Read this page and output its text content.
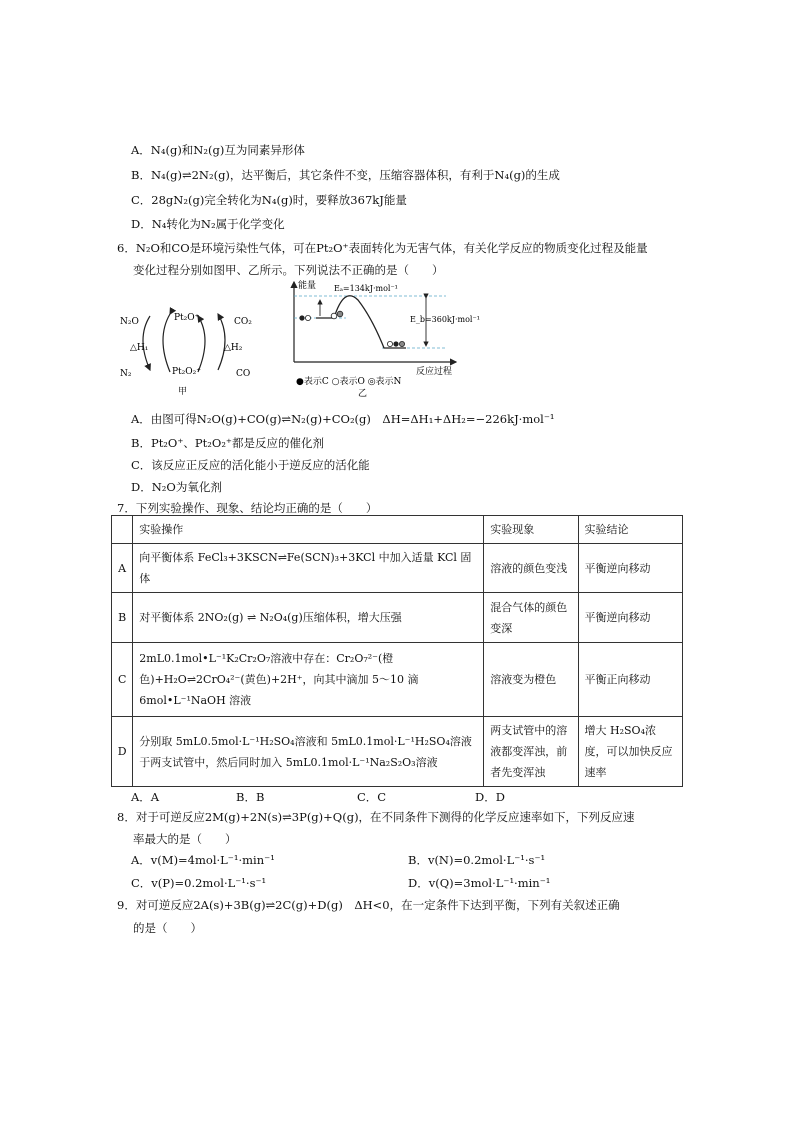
A．N₄(g)和N₂(g)互为同素异形体
B．N₄(g)⇌2N₂(g)，达平衡后，其它条件不变，压缩容器体积，有利于N₄(g)的生成
C．28gN₂(g)完全转化为N₄(g)时，要释放367kJ能量
D．N₄转化为N₂属于化学变化
6．N₂O和CO是环境污染性气体，可在Pt₂O⁺表面转化为无害气体，有关化学反应的物质变化过程及能量
变化过程分别如图甲、乙所示。下列说法不正确的是（　　）
N₂O
N₂
Pt₂O⁺
Pt₂O₂⁺
CO₂
CO
△H₁	△H₂
甲
能量 Eₐ=134kJ·mol⁻¹
E_b=360kJ·mol⁻¹
反应过程
●表示C ○表示O ◎表示N
乙
A．由图可得N₂O(g)+CO(g)⇌N₂(g)+CO₂(g)　ΔH=ΔH₁+ΔH₂=−226kJ·mol⁻¹
B．Pt₂O⁺、Pt₂O₂⁺都是反应的催化剂
C．该反应正反应的活化能小于逆反应的活化能
D．N₂O为氧化剂
7．下列实验操作、现象、结论均正确的是（　　）
	实验操作	实验现象	实验结论
A	向平衡体系 FeCl₃+3KSCN⇌Fe(SCN)₃+3KCl 中加入适量 KCl 固体	溶液的颜色变浅	平衡逆向移动
B	对平衡体系 2NO₂(g) ⇌ N₂O₄(g)压缩体积，增大压强	混合气体的颜色变深	平衡逆向移动
C	2mL0.1mol•L⁻¹K₂Cr₂O₇溶液中存在：Cr₂O₇²⁻(橙色)+H₂O⇌2CrO₄²⁻(黄色)+2H⁺，向其中滴加 5～10 滴 6mol•L⁻¹NaOH 溶液	溶液变为橙色	平衡正向移动
D	分别取 5mL0.5mol·L⁻¹H₂SO₄溶液和 5mL0.1mol·L⁻¹H₂SO₄溶液于两支试管中，然后同时加入 5mL0.1mol·L⁻¹Na₂S₂O₃溶液	两支试管中的溶液都变浑浊，前者先变浑浊	增大 H₂SO₄浓度，可以加快反应速率
A．A	B．B	C．C	D．D
8．对于可逆反应2M(g)+2N(s)⇌3P(g)+Q(g)，在不同条件下测得的化学反应速率如下，下列反应速
率最大的是（　　）
A．v(M)=4mol·L⁻¹·min⁻¹	B．v(N)=0.2mol·L⁻¹·s⁻¹
C．v(P)=0.2mol·L⁻¹·s⁻¹	D．v(Q)=3mol·L⁻¹·min⁻¹
9．对可逆反应2A(s)+3B(g)⇌2C(g)+D(g)　ΔH<0，在一定条件下达到平衡，下列有关叙述正确
的是（　　）
